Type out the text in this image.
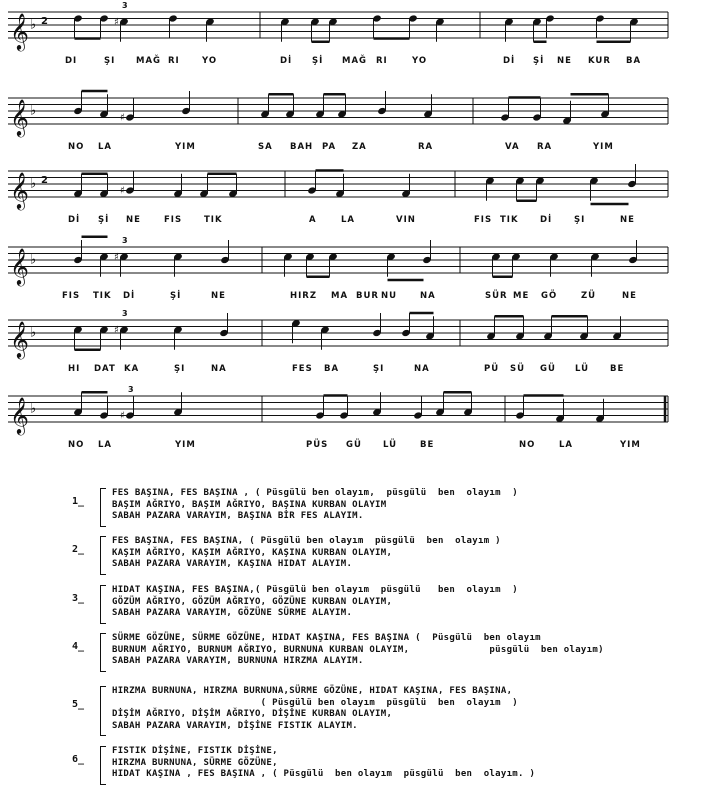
𝄞 ♭ 2
3
♯
𝄞 ♭	♯
𝄞 ♭ 2
♯
𝄞 ♭
3
♯
𝄞 ♭
3
♯
𝄞 ♭
3
♯
DI	ŞI MAĞ RI	YO	Dİ Şİ MAĞ RI	YO	Dİ Şİ NE KUR BA
NO LA	YIM	SA BAH PA ZA	RA	VA RA	YIM
Dİ Şİ NE	FIS	TIK	A	LA	VIN	FIS TIK	Dİ	ŞI	NE
FIS TIK Dİ	Şİ	NE	HIRZ MA BUR NU	NA	SÜR ME GÖ	ZÜ	NE
HI DAT KA	ŞI	NA	FES BA	ŞI	NA	PÜ SÜ GÜ LÜ BE
NO LA	YIM	PÜS GÜ LÜ	BE	NO	LA	YIM
1_
FES BAŞINA, FES BAŞINA , ( Püsgülü ben olayım,  püsgülü  ben  olayım  )
BAŞIM AĞRIYO, BAŞIM AĞRIYO, BAŞINA KURBAN OLAYIM
SABAH PAZARA VARAYIM, BAŞINA BİR FES ALAYIM.
2_
FES BAŞINA, FES BAŞINA, ( Püsgülü ben olayım  püsgülü  ben  olayım )
KAŞIM AĞRIYO, KAŞIM AĞRIYO, KAŞINA KURBAN OLAYIM,
SABAH PAZARA VARAYIM, KAŞINA HIDAT ALAYIM.
3_
HIDAT KAŞINA, FES BAŞINA,( Püsgülü ben olayım  püsgülü   ben  olayım  )
GÖZÜM AĞRIYO, GÖZÜM AĞRIYO, GÖZÜNE KURBAN OLAYIM,
SABAH PAZARA VARAYIM, GÖZÜNE SÜRME ALAYIM.
4_
SÜRME GÖZÜNE, SÜRME GÖZÜNE, HIDAT KAŞINA, FES BAŞINA (  Püsgülü  ben olayım
BURNUM AĞRIYO, BURNUM AĞRIYO, BURNUNA KURBAN OLAYIM,              püsgülü  ben olayım)
SABAH PAZARA VARAYIM, BURNUNA HIRZMA ALAYIM.
5_
HIRZMA BURNUNA, HIRZMA BURNUNA,SÜRME GÖZÜNE, HIDAT KAŞINA, FES BAŞINA,
( Püsgülü ben olayım  püsgülü  ben  olayım  )
DİŞİM AĞRIYO, DİŞİM AĞRIYO, DİŞİNE KURBAN OLAYIM,
SABAH PAZARA VARAYIM, DİŞİNE FISTIK ALAYIM.
6_
FISTIK DİŞİNE, FISTIK DİŞİNE,
HIRZMA BURNUNA, SÜRME GÖZÜNE,
HIDAT KAŞINA , FES BAŞINA , ( Püsgülü  ben olayım  püsgülü  ben  olayım. )
